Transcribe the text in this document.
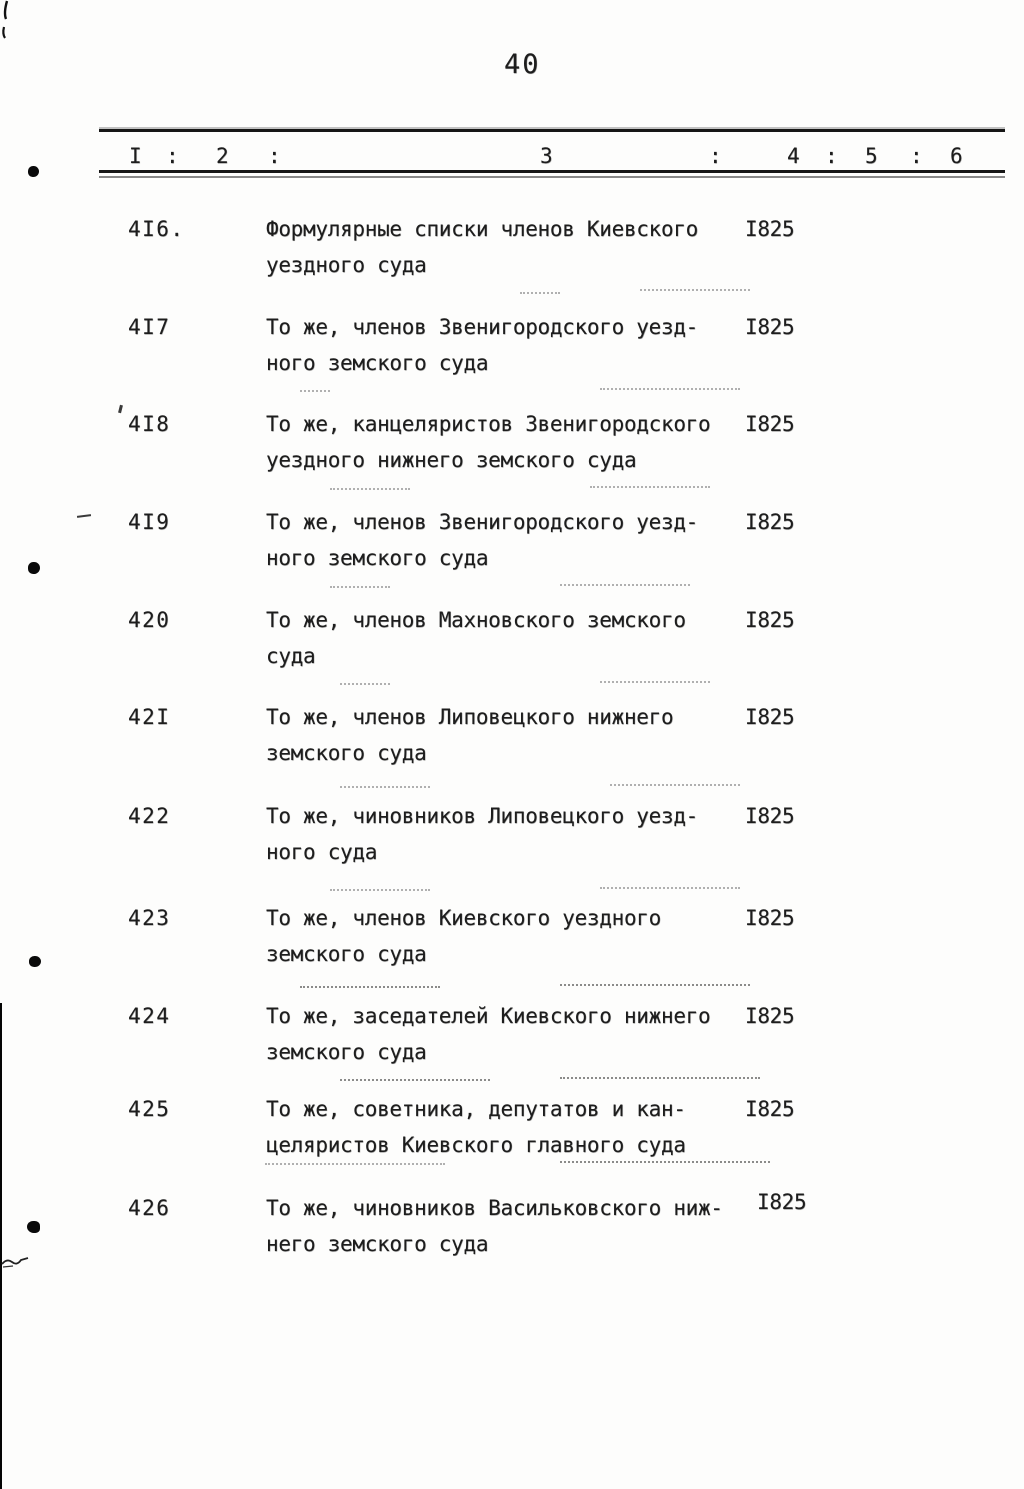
40
I : 2 :	3	:	4 : 5 : 6
4I6.	Формулярные списки членов Киевского
уездного суда
I825
4I7	То же, членов Звенигородского уезд-
ного земского суда
I825
4I8	То же, канцеляристов Звенигородского
уездного нижнего земского суда
I825
4I9	То же, членов Звенигородского уезд-
ного земского суда
I825
420	То же, членов Махновского земского
суда
I825
42I	То же, членов Липовецкого нижнего
земского суда
I825
422	То же, чиновников Липовецкого уезд-
ного суда
I825
423	То же, членов Киевского уездного
земского суда
I825
424	То же, заседателей Киевского нижнего
земского суда
I825
425	То же, советника, депутатов и кан-
целяристов Киевского главного суда
I825
426	То же, чиновников Васильковского ниж-
него земского суда
I825
